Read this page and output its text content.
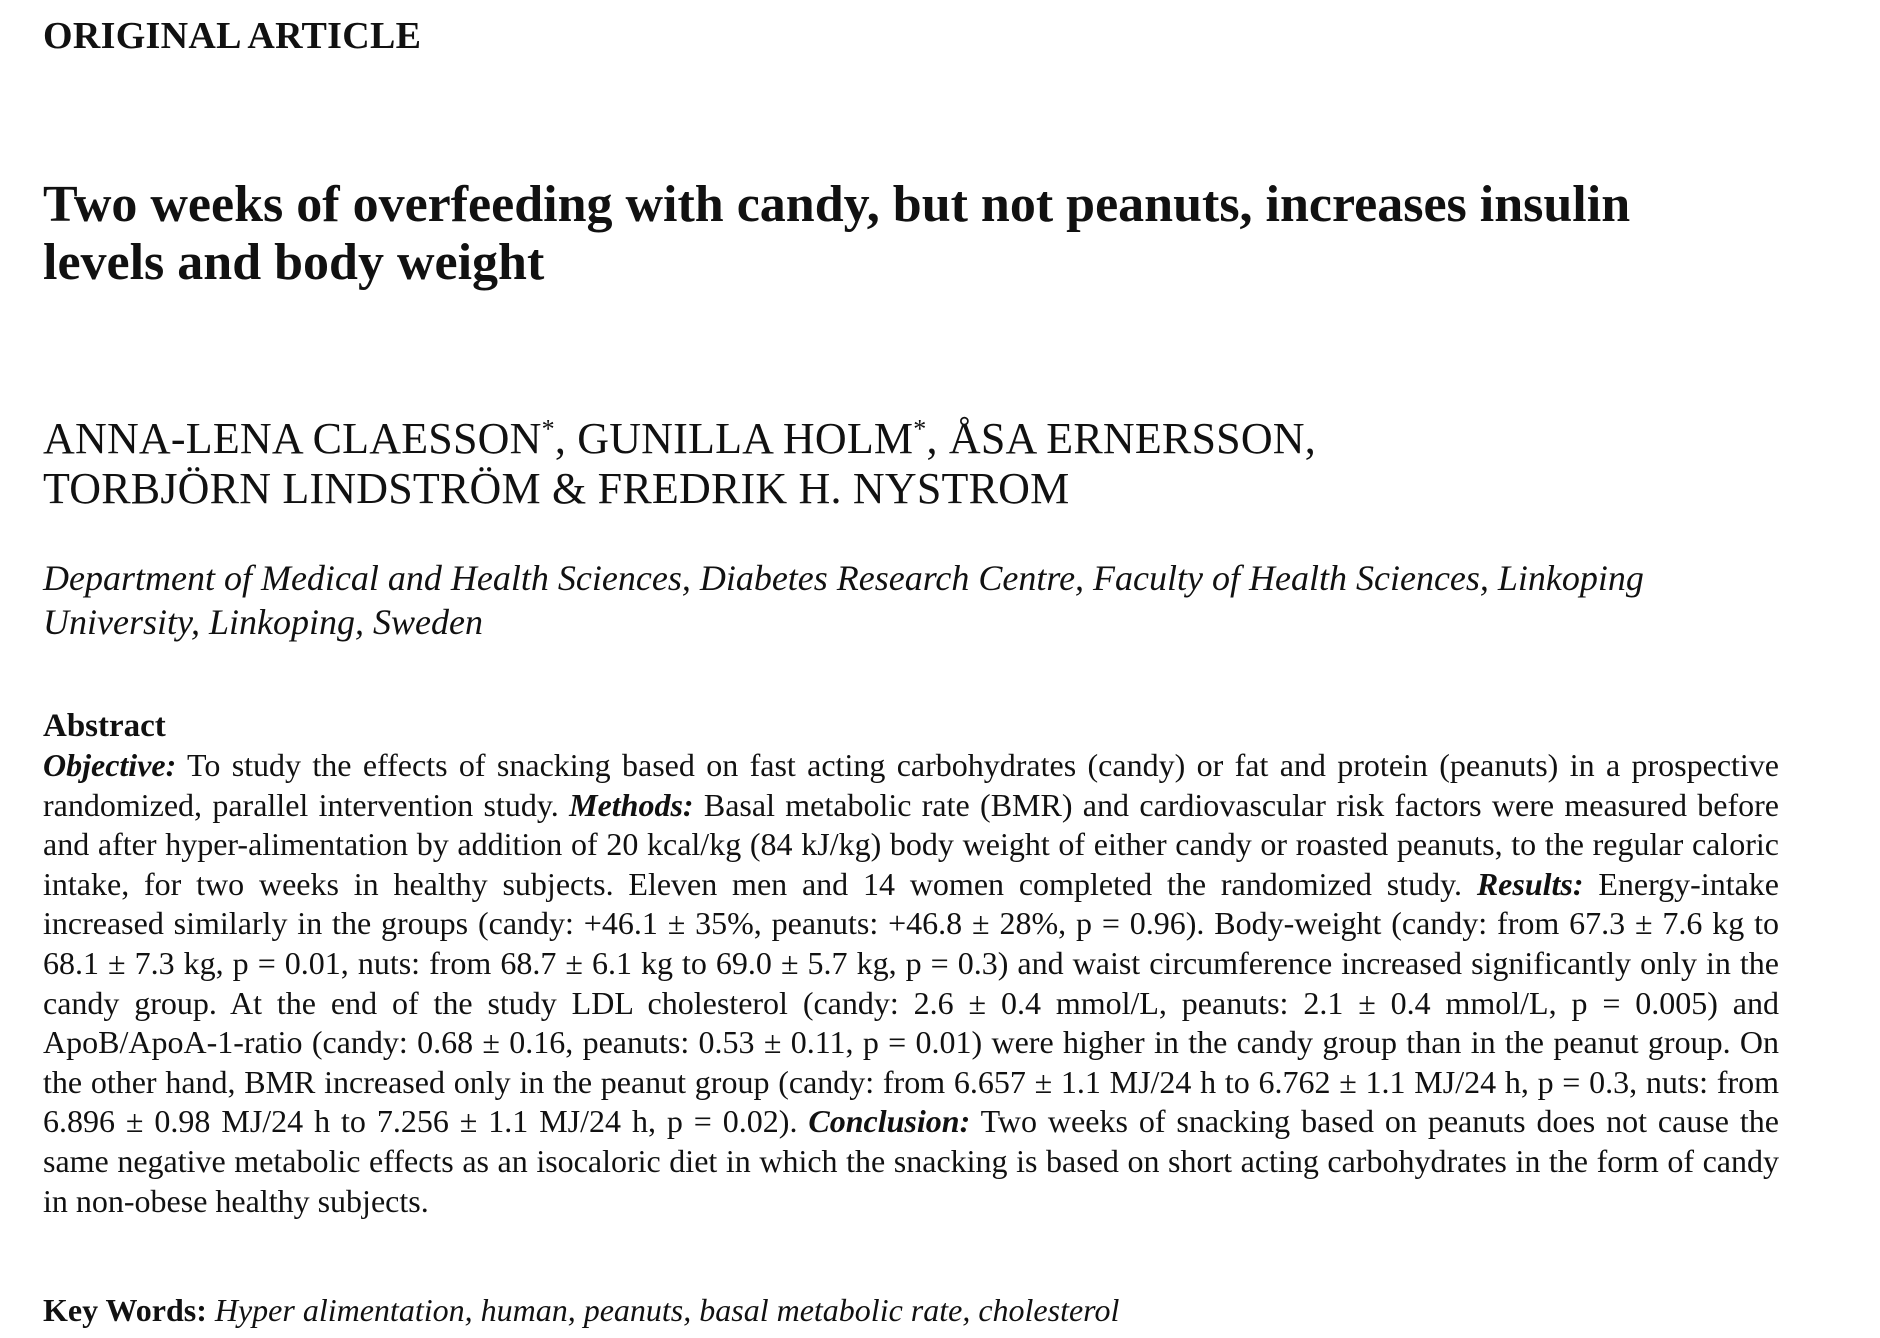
ORIGINAL ARTICLE
Two weeks of overfeeding with candy, but not peanuts, increases insulin levels and body weight
ANNA-LENA CLAESSON*, GUNILLA HOLM*, ÅSA ERNERSSON,
TORBJÖRN LINDSTRÖM & FREDRIK H. NYSTROM

Department of Medical and Health Sciences, Diabetes Research Centre, Faculty of Health Sciences, Linkoping University, Linkoping, Sweden

Abstract

Objective: To study the effects of snacking based on fast acting carbohydrates (candy) or fat and protein (peanuts) in a prospective randomized, parallel intervention study. Methods: Basal metabolic rate (BMR) and cardiovascular risk factors were measured before and after hyper-alimentation by addition of 20 kcal/kg (84 kJ/kg) body weight of either candy or roasted peanuts, to the regular caloric intake, for two weeks in healthy subjects. Eleven men and 14 women completed the randomized study. Results: Energy-intake increased similarly in the groups (candy: +46.1 ± 35%, peanuts: +46.8 ± 28%, p = 0.96). Body-weight (candy: from 67.3 ± 7.6 kg to 68.1 ± 7.3 kg, p = 0.01, nuts: from 68.7 ± 6.1 kg to 69.0 ± 5.7 kg, p = 0.3) and waist circumference increased significantly only in the candy group. At the end of the study LDL cholesterol (candy: 2.6 ± 0.4 mmol/L, peanuts: 2.1 ± 0.4 mmol/L, p = 0.005) and ApoB/ApoA-1-ratio (candy: 0.68 ± 0.16, peanuts: 0.53 ± 0.11, p = 0.01) were higher in the candy group than in the peanut group. On the other hand, BMR increased only in the peanut group (candy: from 6.657 ± 1.1 MJ/24 h to 6.762 ± 1.1 MJ/24 h, p = 0.3, nuts: from 6.896 ± 0.98 MJ/24 h to 7.256 ± 1.1 MJ/24 h, p = 0.02). Conclusion: Two weeks of snacking based on peanuts does not cause the same negative metabolic effects as an isocaloric diet in which the snacking is based on short acting carbohydrates in the form of candy in non-obese healthy subjects.

Key Words: Hyper alimentation, human, peanuts, basal metabolic rate, cholesterol
